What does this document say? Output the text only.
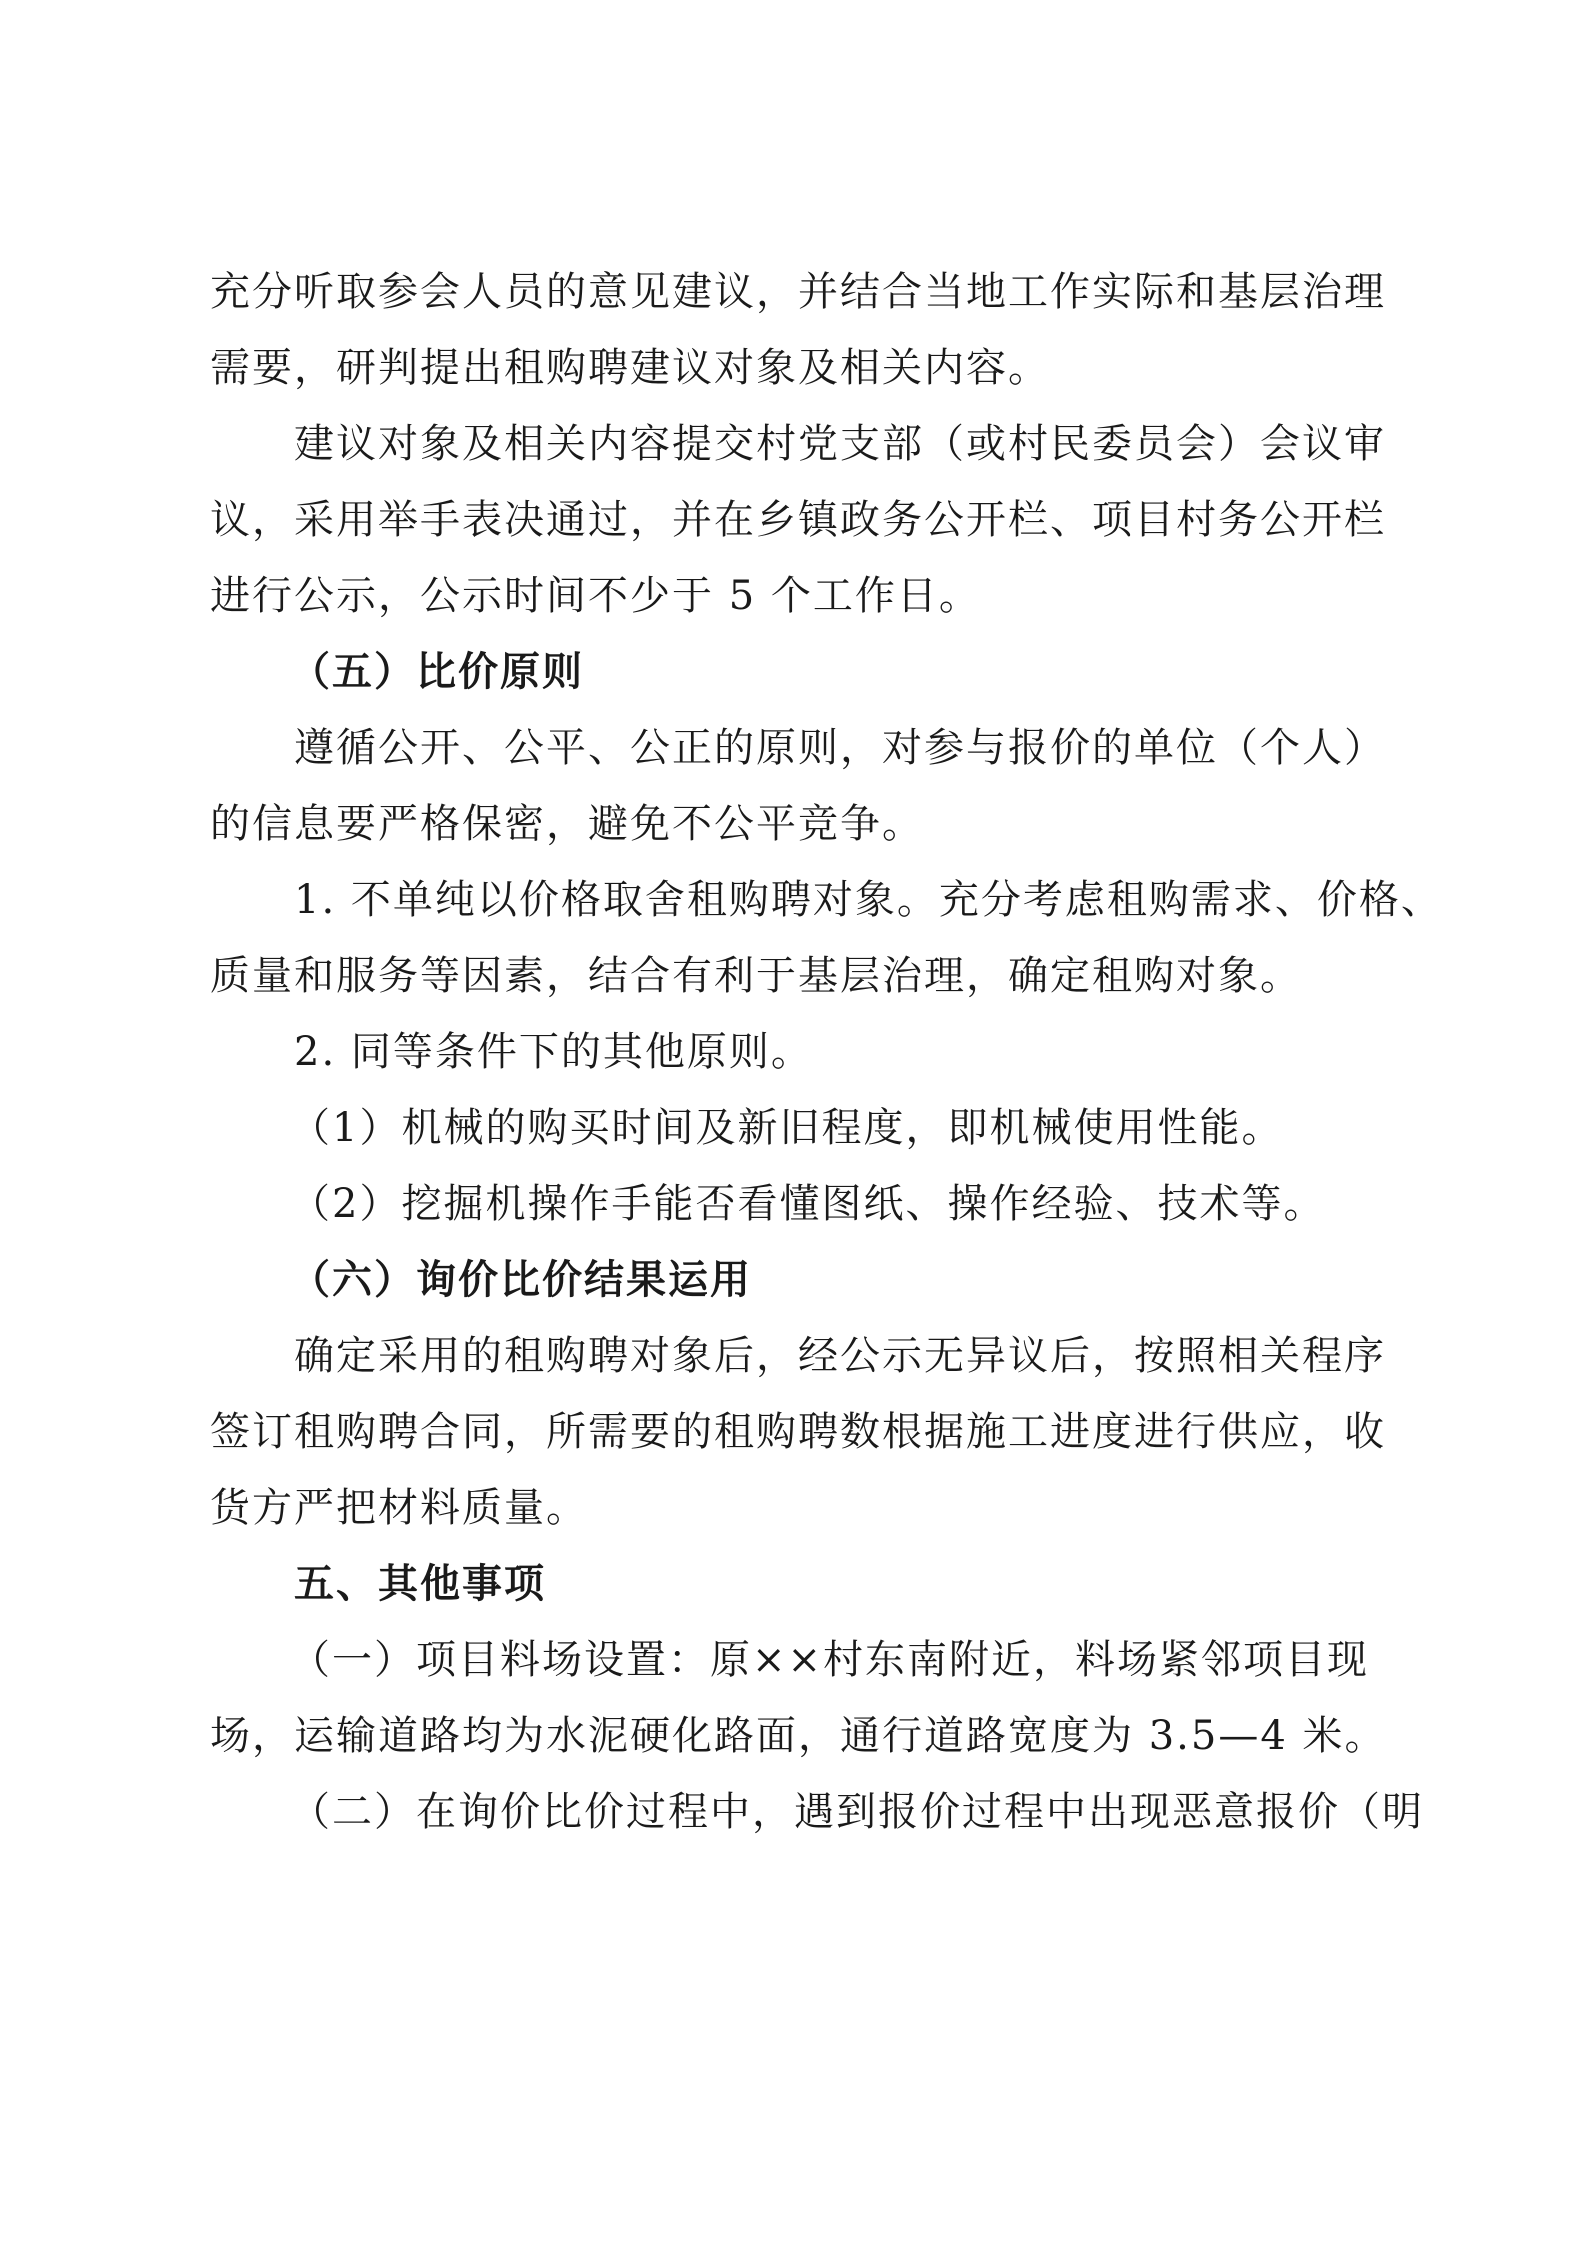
充分听取参会人员的意见建议，并结合当地工作实际和基层治理
需要，研判提出租购聘建议对象及相关内容。
建议对象及相关内容提交村党支部（或村民委员会）会议审
议，采用举手表决通过，并在乡镇政务公开栏、项目村务公开栏
进行公示，公示时间不少于 5 个工作日。
（五）比价原则
遵循公开、公平、公正的原则，对参与报价的单位（个人）
的信息要严格保密，避免不公平竞争。
1. 不单纯以价格取舍租购聘对象。充分考虑租购需求、价格、
质量和服务等因素，结合有利于基层治理，确定租购对象。
2. 同等条件下的其他原则。
（1）机械的购买时间及新旧程度，即机械使用性能。
（2）挖掘机操作手能否看懂图纸、操作经验、技术等。
（六）询价比价结果运用
确定采用的租购聘对象后，经公示无异议后，按照相关程序
签订租购聘合同，所需要的租购聘数根据施工进度进行供应，收
货方严把材料质量。
五、其他事项
（一）项目料场设置：原××村东南附近，料场紧邻项目现
场，运输道路均为水泥硬化路面，通行道路宽度为 3.5—4 米。
（二）在询价比价过程中，遇到报价过程中出现恶意报价（明
